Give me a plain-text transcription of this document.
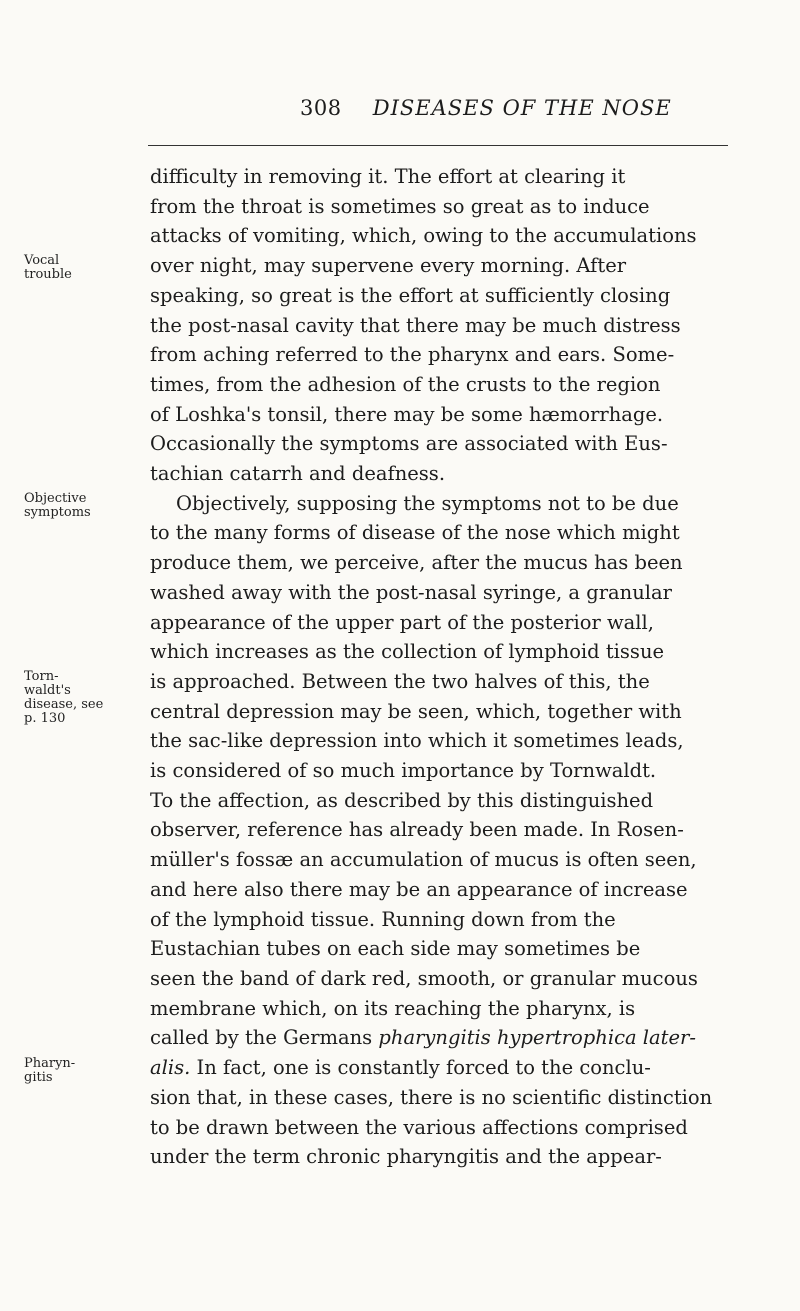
308 DISEASES OF THE NOSE
Vocal
trouble
Objective
symptoms
Torn-
waldt's
disease, see
p. 130
Pharyn-
gitis
difficulty in removing it. The effort at clearing it
from the throat is sometimes so great as to induce
attacks of vomiting, which, owing to the accumulations
over night, may supervene every morning. After
speaking, so great is the effort at sufficiently closing
the post-nasal cavity that there may be much distress
from aching referred to the pharynx and ears. Some-
times, from the adhesion of the crusts to the region
of Loshka's tonsil, there may be some hæmorrhage.
Occasionally the symptoms are associated with Eus-
tachian catarrh and deafness.
Objectively, supposing the symptoms not to be due
to the many forms of disease of the nose which might
produce them, we perceive, after the mucus has been
washed away with the post-nasal syringe, a granular
appearance of the upper part of the posterior wall,
which increases as the collection of lymphoid tissue
is approached. Between the two halves of this, the
central depression may be seen, which, together with
the sac-like depression into which it sometimes leads,
is considered of so much importance by Tornwaldt.
To the affection, as described by this distinguished
observer, reference has already been made. In Rosen-
müller's fossæ an accumulation of mucus is often seen,
and here also there may be an appearance of increase
of the lymphoid tissue. Running down from the
Eustachian tubes on each side may sometimes be
seen the band of dark red, smooth, or granular mucous
membrane which, on its reaching the pharynx, is
called by the Germans pharyngitis hypertrophica later-
alis. In fact, one is constantly forced to the conclu-
sion that, in these cases, there is no scientific distinction
to be drawn between the various affections comprised
under the term chronic pharyngitis and the appear-
